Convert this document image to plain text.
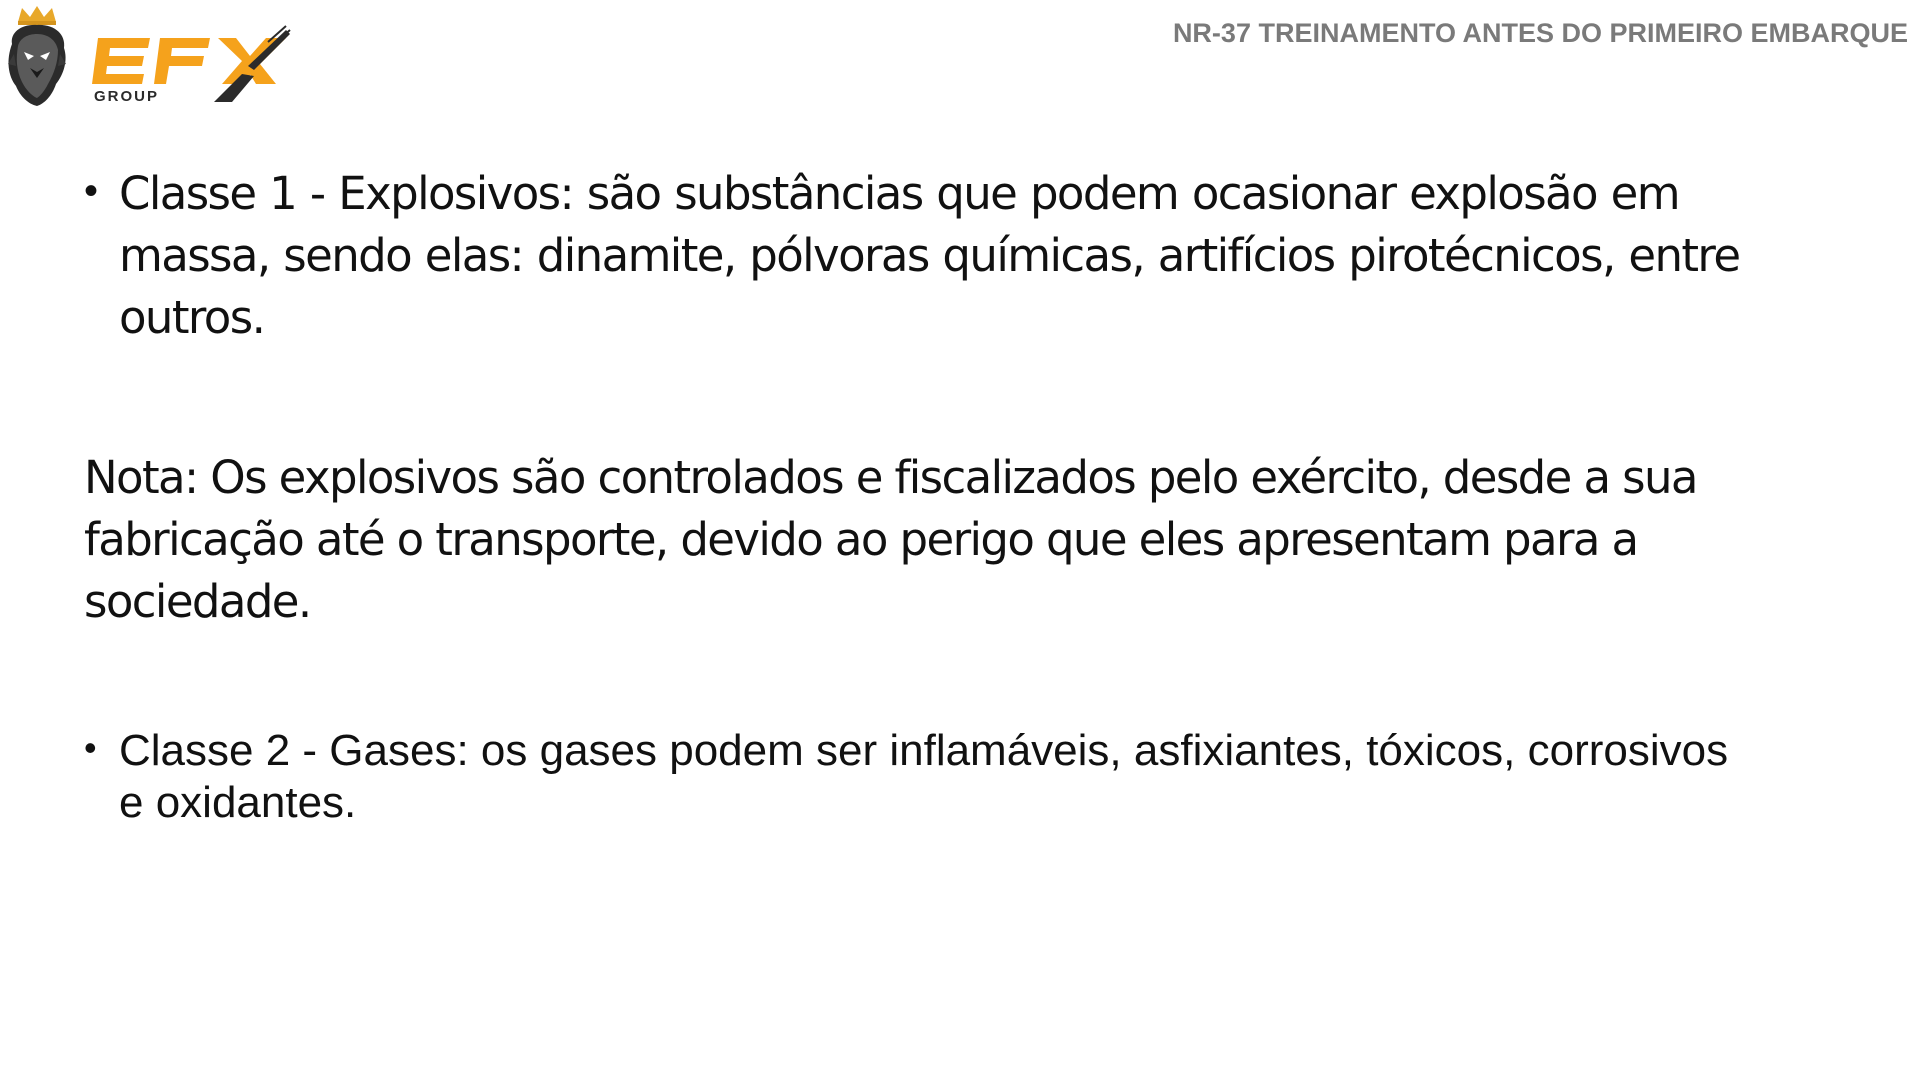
GROUP
NR-37 TREINAMENTO ANTES DO PRIMEIRO EMBARQUE
• Classe 1 - Explosivos: são substâncias que podem ocasionar explosão em massa, sendo elas: dinamite, pólvoras químicas, artifícios pirotécnicos, entre outros.
Nota: Os explosivos são controlados e fiscalizados pelo exército, desde a sua fabricação até o transporte, devido ao perigo que eles apresentam para a sociedade.
• Classe 2 - Gases: os gases podem ser inflamáveis, asfixiantes, tóxicos, corrosivos e oxidantes.
